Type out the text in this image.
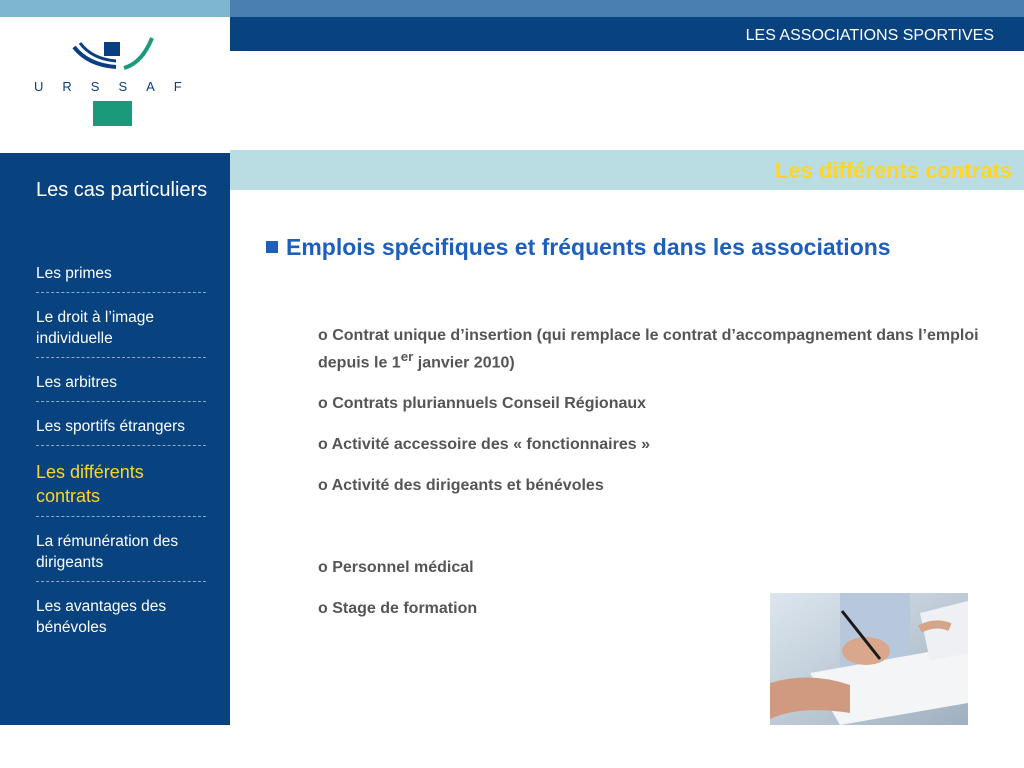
LES ASSOCIATIONS SPORTIVES
URSSAF
Les cas particuliers
Les primes
Le droit à l’image individuelle
Les arbitres
Les sportifs étrangers
Les différents contrats
La rémunération des dirigeants
Les avantages des bénévoles
Les différents contrats
Emplois spécifiques et fréquents dans les associations
o Contrat unique d’insertion (qui remplace le contrat d’accompagnement dans l’emploi depuis le 1er janvier 2010)
o Contrats pluriannuels Conseil Régionaux
o Activité accessoire des « fonctionnaires »
o Activité des dirigeants et bénévoles
o Personnel médical
o Stage de formation
